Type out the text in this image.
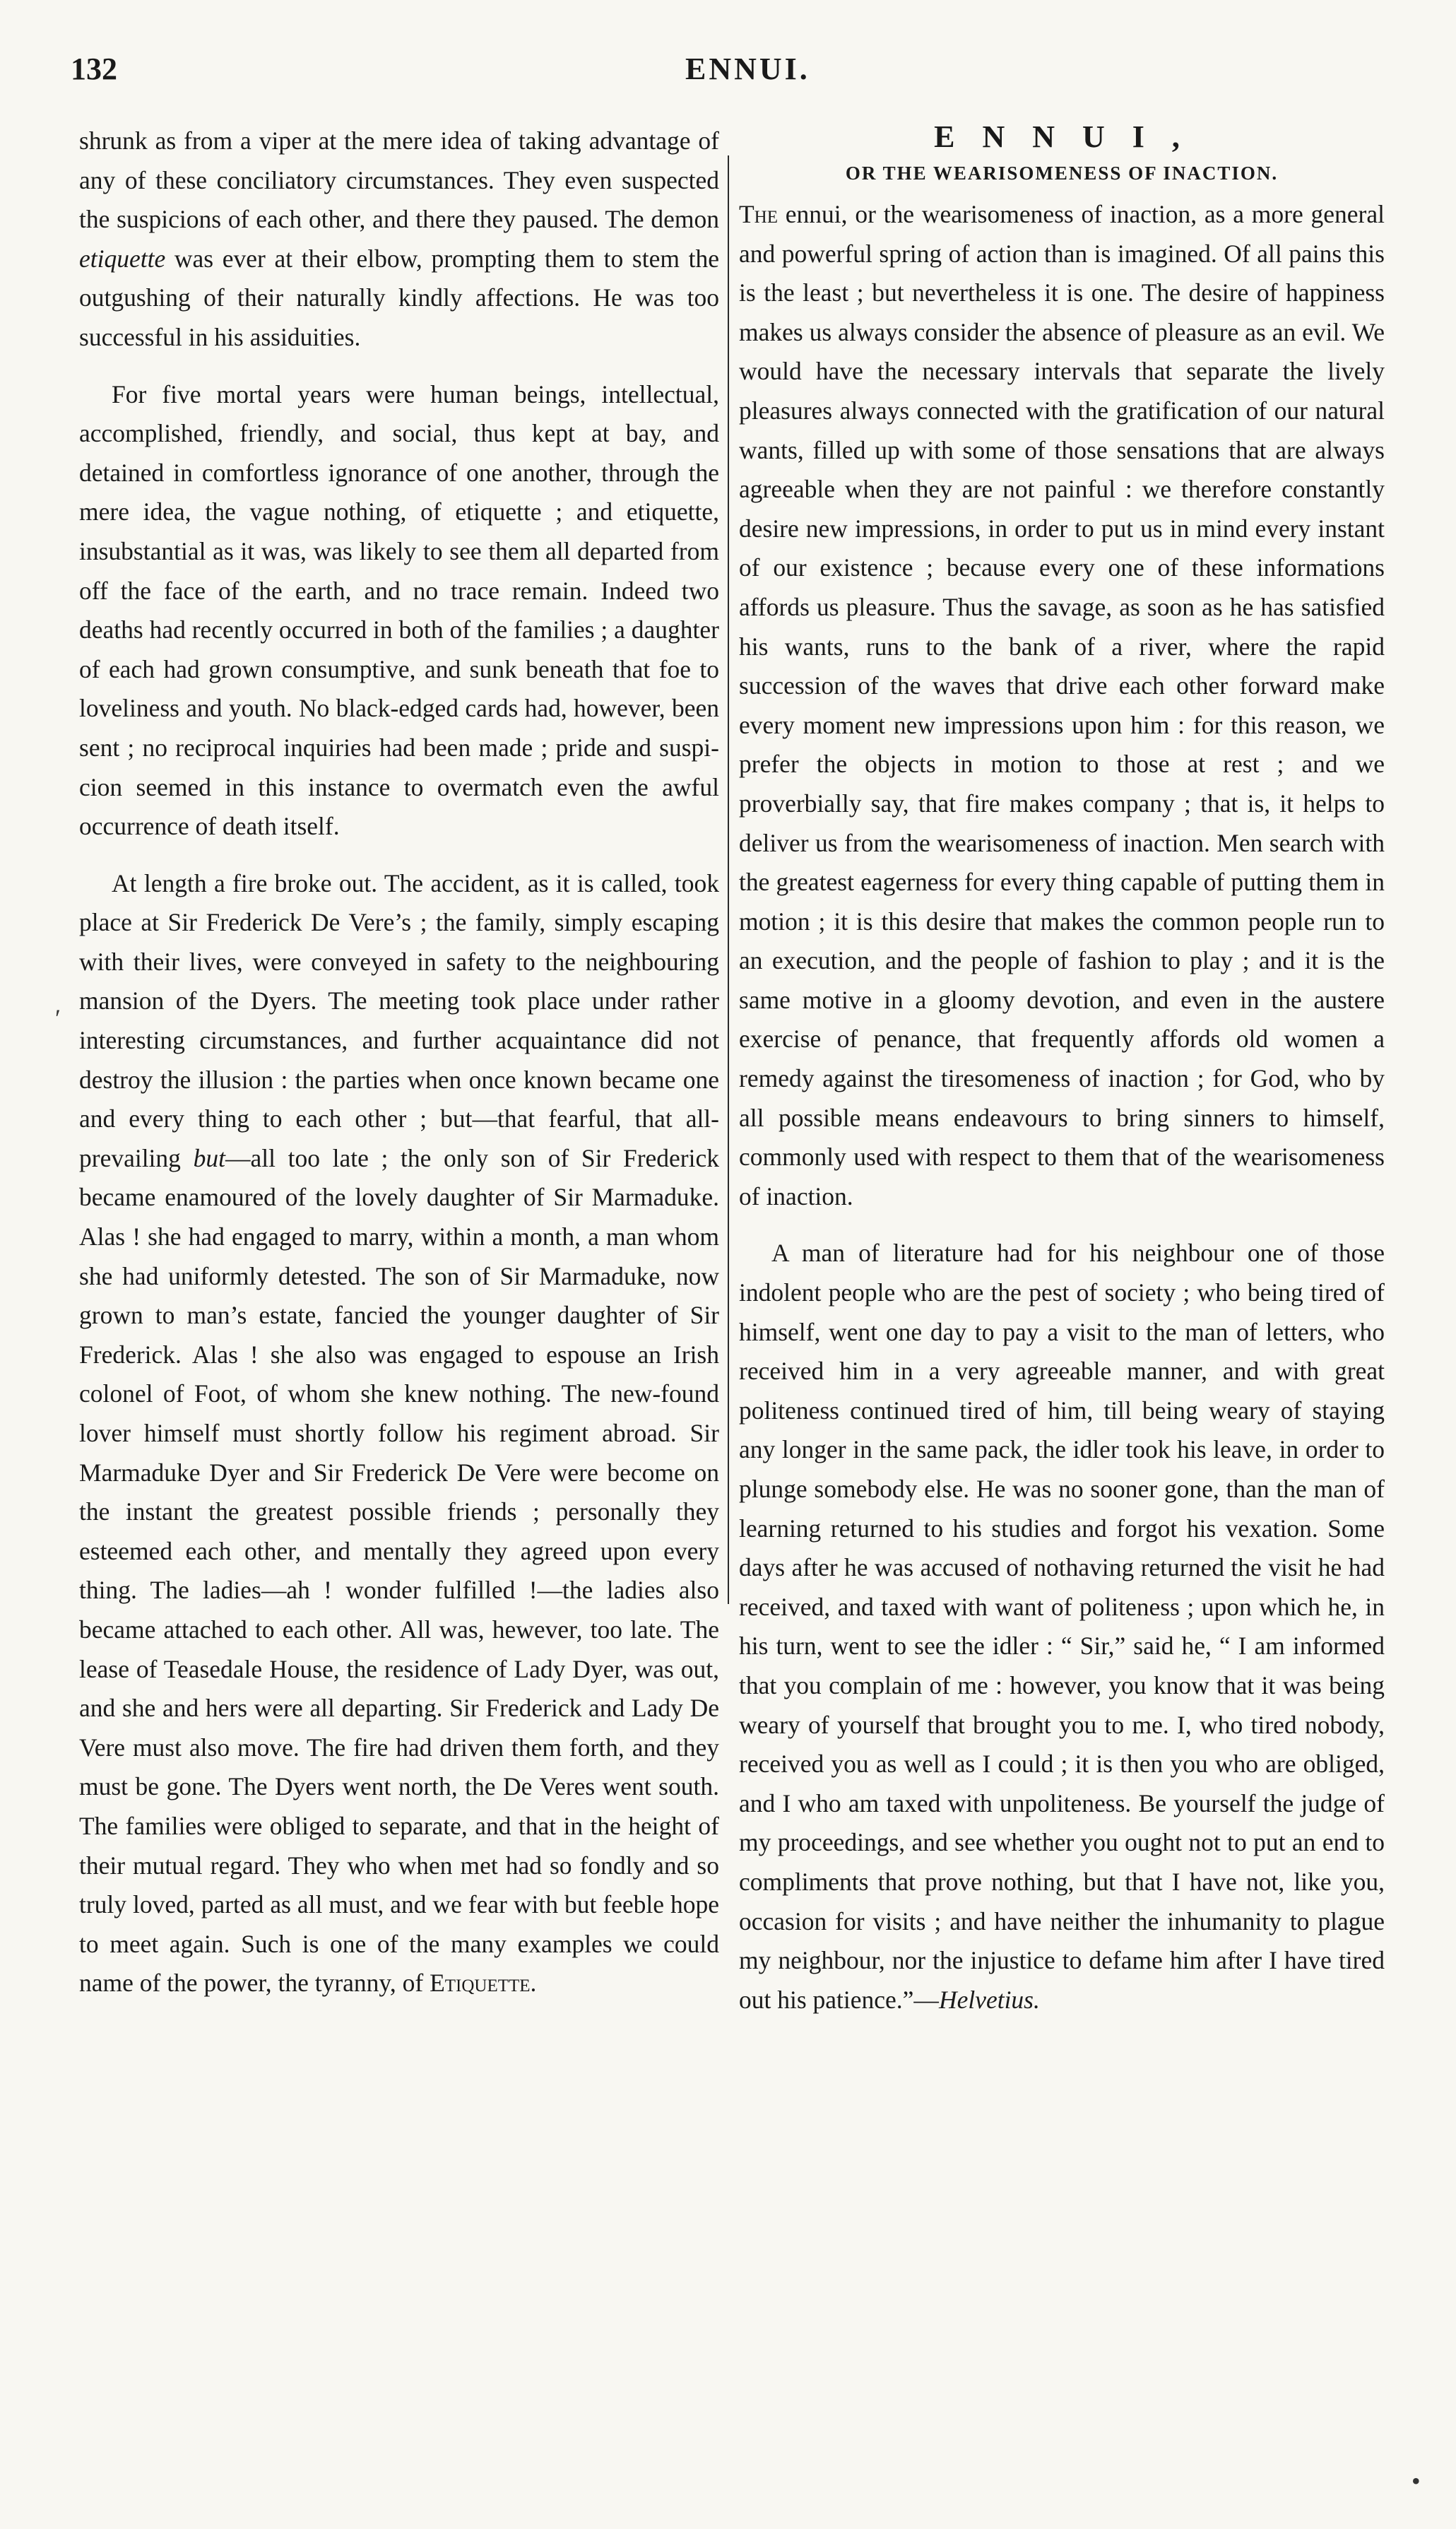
132	ENNUI.

shrunk as from a viper at the mere idea of taking advantage of any of these conciliatory circumstances. They even suspected the suspicions of each other, and there they paused. The demon etiquette was ever at their elbow, prompting them to stem the outgushing of their naturally kindly affections. He was too successful in his assiduities.

For five mortal years were human beings, intellectual, accomplished, friendly, and social, thus kept at bay, and detained in comfortless ignorance of one another, through the mere idea, the vague nothing, of etiquette ; and etiquette, insubstantial as it was, was likely to see them all departed from off the face of the earth, and no trace remain. Indeed two deaths had recently occurred in both of the families ; a daughter of each had grown consumptive, and sunk beneath that foe to loveliness and youth. No black-edged cards had, however, been sent ; no reciprocal inquiries had been made ; pride and suspicion seemed in this instance to overmatch even the awful occurrence of death itself.

At length a fire broke out. The accident, as it is called, took place at Sir Frederick De Vere’s ; the family, simply escaping with their lives, were conveyed in safety to the neighbouring mansion of the Dyers. The meeting took place under rather interesting circumstances, and further acquaintance did not destroy the illusion : the parties when once known became one and every thing to each other ; but—that fearful, that all-prevailing but—all too late ; the only son of Sir Frederick became enamoured of the lovely daughter of Sir Marmaduke. Alas ! she had engaged to marry, within a month, a man whom she had uniformly detested. The son of Sir Marmaduke, now grown to man’s estate, fancied the younger daughter of Sir Frederick. Alas ! she also was engaged to espouse an Irish colonel of Foot, of whom she knew nothing. The new-found lover himself must shortly follow his regiment abroad. Sir Marmaduke Dyer and Sir Frederick De Vere were become on the instant the greatest possible friends ; personally they esteemed each other, and mentally they agreed upon every thing. The ladies—ah ! wonder fulfilled !—the ladies also became attached to each other. All was, hewever, too late. The lease of Teasedale House, the residence of Lady Dyer, was out, and she and hers were all departing. Sir Frederick and Lady De Vere must also move. The fire had driven them forth, and they must be gone. The Dyers went north, the De Veres went south. The families were obliged to separate, and that in the height of their mutual regard. They who when met had so fondly and so truly loved, parted as all must, and we fear with but feeble hope to meet again. Such is one of the many examples we could name of the power, the tyranny, of Etiquette.

E N N U I ,
OR THE WEARISOMENESS OF INACTION.

The ennui, or the wearisomeness of inaction, as a more general and powerful spring of action than is imagined. Of all pains this is the least ; but nevertheless it is one. The desire of happiness makes us always consider the absence of pleasure as an evil. We would have the necessary intervals that separate the lively pleasures always connected with the gratification of our natural wants, filled up with some of those sensations that are always agreeable when they are not painful : we therefore constantly desire new impressions, in order to put us in mind every instant of our existence ; because every one of these informations affords us pleasure. Thus the savage, as soon as he has satisfied his wants, runs to the bank of a river, where the rapid succession of the waves that drive each other forward make every moment new impressions upon him : for this reason, we prefer the objects in motion to those at rest ; and we proverbially say, that fire makes company ; that is, it helps to deliver us from the wearisomeness of inaction. Men search with the greatest eagerness for every thing capable of putting them in motion ; it is this desire that makes the common people run to an execution, and the people of fashion to play ; and it is the same motive in a gloomy devotion, and even in the austere exercise of penance, that frequently affords old women a remedy against the tiresomeness of inaction ; for God, who by all possible means endeavours to bring sinners to himself, commonly used with respect to them that of the wearisomeness of inaction.

A man of literature had for his neighbour one of those indolent people who are the pest of society ; who being tired of himself, went one day to pay a visit to the man of letters, who received him in a very agreeable manner, and with great politeness continued tired of him, till being weary of staying any longer in the same pack, the idler took his leave, in order to plunge somebody else. He was no sooner gone, than the man of learning returned to his studies and forgot his vexation. Some days after he was accused of nothaving returned the visit he had received, and taxed with want of politeness ; upon which he, in his turn, went to see the idler : “ Sir,” said he, “ I am informed that you complain of me : however, you know that it was being weary of yourself that brought you to me. I, who tired nobody, received you as well as I could ; it is then you who are obliged, and I who am taxed with unpoliteness. Be yourself the judge of my proceedings, and see whether you ought not to put an end to compliments that prove nothing, but that I have not, like you, occasion for visits ; and have neither the inhumanity to plague my neighbour, nor the injustice to defame him after I have tired out his patience.”—Helvetius.

′
•
